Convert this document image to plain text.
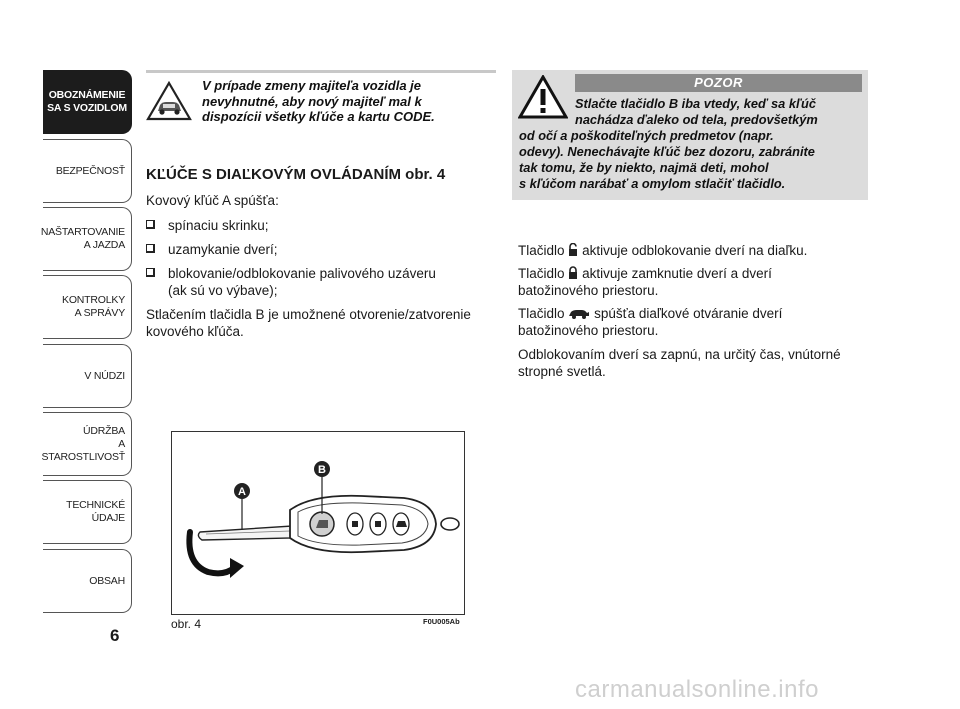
OBOZNÁMENIE
SA S VOZIDLOM
BEZPEČNOSŤ
NAŠTARTOVANIE
A JAZDA
KONTROLKY
A SPRÁVY
V NÚDZI
ÚDRŽBA
A STAROSTLIVOSŤ
TECHNICKÉ
ÚDAJE
OBSAH
6
V prípade zmeny majiteľa vozidla je
nevyhnutné, aby nový majiteľ mal k
dispozícii všetky kľúče a kartu CODE.
KĽÚČE S DIAĽKOVÝM OVLÁDANÍM obr. 4
Kovový kľúč A spúšťa:
spínaciu skrinku;
uzamykanie dverí;
blokovanie/odblokovanie palivového uzáveru
(ak sú vo výbave);
Stlačením tlačidla B je umožnené otvorenie/zatvorenie
kovového kľúča.
POZOR
Stlačte tlačidlo B iba vtedy, keď sa kľúč
nachádza ďaleko od tela, predovšetkým
od očí a poškoditeľných predmetov (napr.
odevy). Nenechávajte kľúč bez dozoru, zabránite
tak tomu, že by niekto, najmä deti, mohol
s kľúčom narábať a omylom stlačiť tlačidlo.
Tlačidlo aktivuje odblokovanie dverí na diaľku.
Tlačidlo aktivuje zamknutie dverí a dverí
batožinového priestoru.
Tlačidlo spúšťa diaľkové otváranie dverí
batožinového priestoru.
Odblokovaním dverí sa zapnú, na určitý čas, vnútorné
stropné svetlá.
A
B
obr. 4	F0U005Ab
carmanualsonline.info
